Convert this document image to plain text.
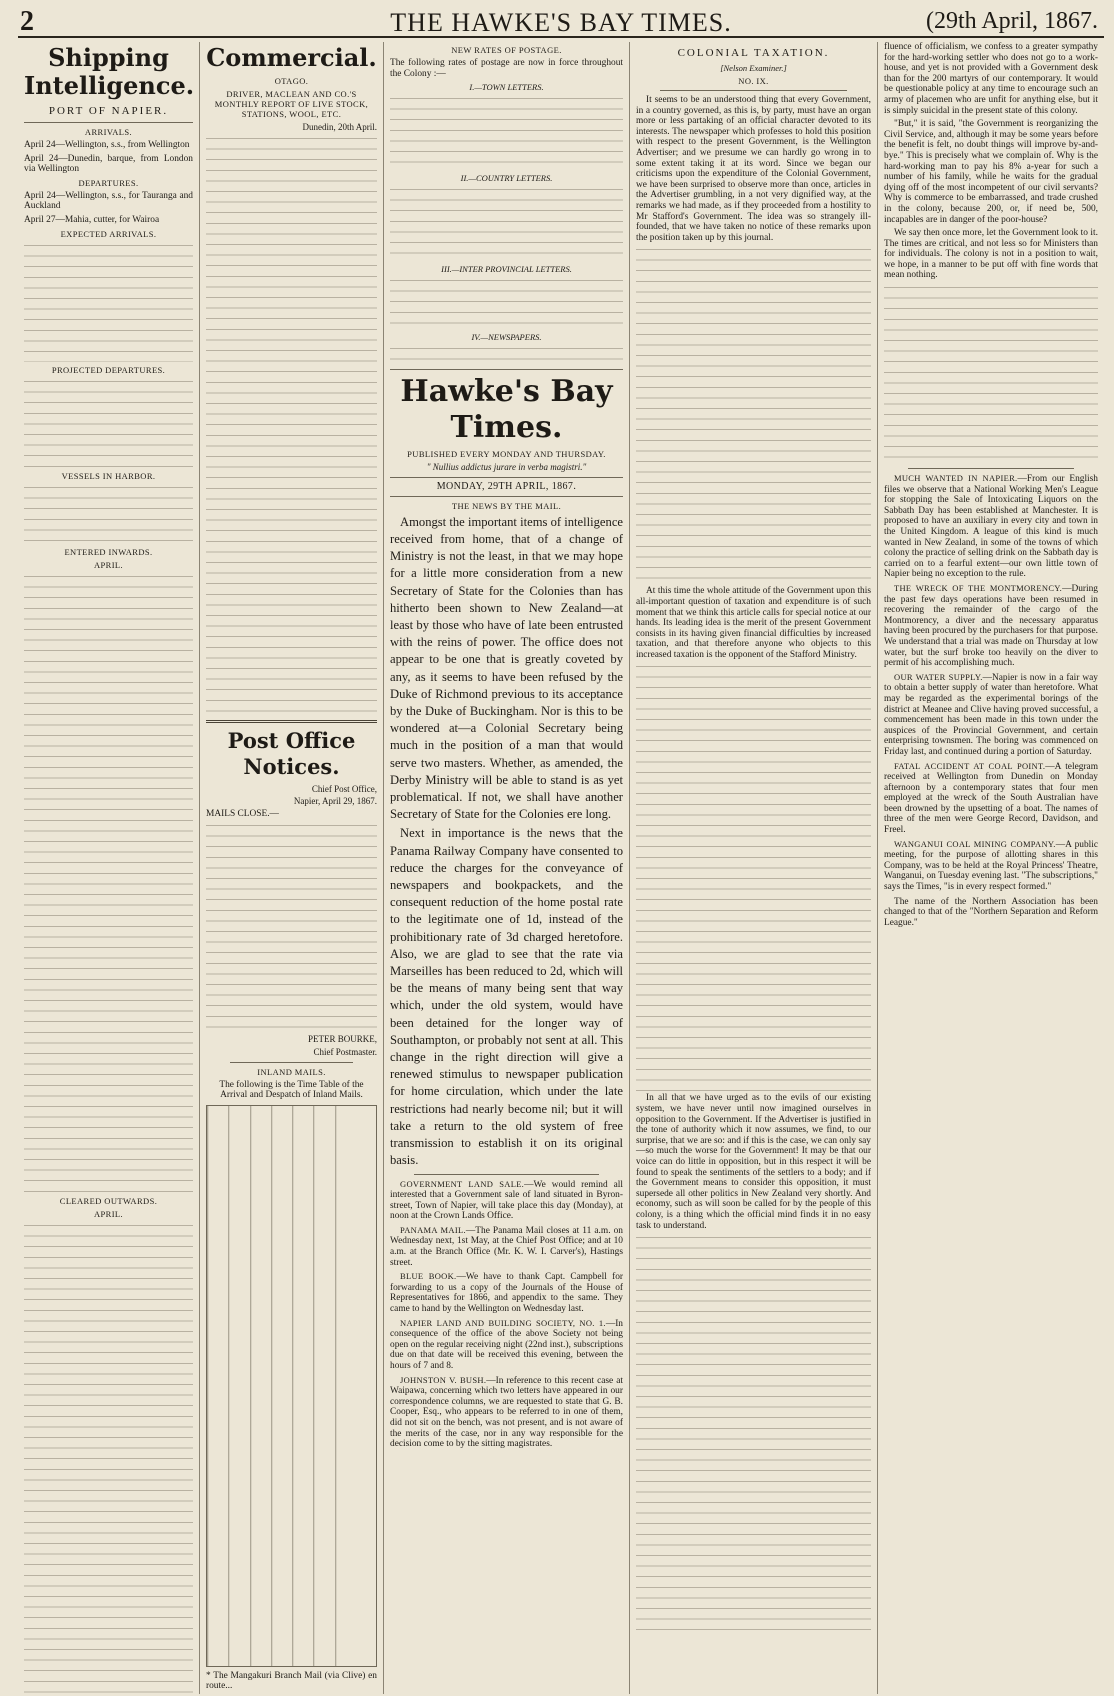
2	THE HAWKE'S BAY TIMES.	(29th April, 1867.
Shipping Intelligence.
PORT OF NAPIER.
ARRIVALS.

April 24—Wellington, s.s., from Wellington

April 24—Dunedin, barque, from London via Wellington

DEPARTURES.

April 24—Wellington, s.s., for Tauranga and Auckland

April 27—Mahia, cutter, for Wairoa

EXPECTED ARRIVALS.
PROJECTED DEPARTURES.
VESSELS IN HARBOR.
ENTERED INWARDS.
APRIL.
CLEARED OUTWARDS.
APRIL.
Commercial.
OTAGO.
DRIVER, MACLEAN AND CO.'S MONTHLY REPORT OF LIVE STOCK, STATIONS, WOOL, ETC.
Dunedin, 20th April.
Post Office Notices.
Chief Post Office,
Napier, April 29, 1867.

MAILS CLOSE.—

PETER BOURKE,
Chief Postmaster.
INLAND MAILS.

The following is the Time Table of the Arrival and Despatch of Inland Mails.

* The Mangakuri Branch Mail (via Clive) en route...

NEW RATES OF POSTAGE.

The following rates of postage are now in force throughout the Colony :—

I.—TOWN LETTERS.
II.—COUNTRY LETTERS.
III.—INTER PROVINCIAL LETTERS.
IV.—NEWSPAPERS.
Hawke's Bay Times.
PUBLISHED EVERY MONDAY AND THURSDAY.
" Nullius addictus jurare in verba magistri."
MONDAY, 29TH APRIL, 1867.
THE NEWS BY THE MAIL.

Amongst the important items of intelligence received from home, that of a change of Ministry is not the least, in that we may hope for a little more consideration from a new Secretary of State for the Colonies than has hitherto been shown to New Zealand—at least by those who have of late been entrusted with the reins of power. The office does not appear to be one that is greatly coveted by any, as it seems to have been refused by the Duke of Richmond previous to its acceptance by the Duke of Buckingham. Nor is this to be wondered at—a Colonial Secretary being much in the position of a man that would serve two masters. Whether, as amended, the Derby Ministry will be able to stand is as yet problematical. If not, we shall have another Secretary of State for the Colonies ere long.

Next in importance is the news that the Panama Railway Company have consented to reduce the charges for the conveyance of newspapers and bookpackets, and the consequent reduction of the home postal rate to the legitimate one of 1d, instead of the prohibitionary rate of 3d charged heretofore. Also, we are glad to see that the rate via Marseilles has been reduced to 2d, which will be the means of many being sent that way which, under the old system, would have been detained for the longer way of Southampton, or probably not sent at all. This change in the right direction will give a renewed stimulus to newspaper publication for home circulation, which under the late restrictions had nearly become nil; but it will take a return to the old system of free transmission to establish it on its original basis.

GOVERNMENT LAND SALE.—We would remind all interested that a Government sale of land situated in Byron-street, Town of Napier, will take place this day (Monday), at noon at the Crown Lands Office.

PANAMA MAIL.—The Panama Mail closes at 11 a.m. on Wednesday next, 1st May, at the Chief Post Office; and at 10 a.m. at the Branch Office (Mr. K. W. I. Carver's), Hastings street.

BLUE BOOK.—We have to thank Capt. Campbell for forwarding to us a copy of the Journals of the House of Representatives for 1866, and appendix to the same. They came to hand by the Wellington on Wednesday last.

NAPIER LAND AND BUILDING SOCIETY, NO. 1.—In consequence of the office of the above Society not being open on the regular receiving night (22nd inst.), subscriptions due on that date will be received this evening, between the hours of 7 and 8.

JOHNSTON V. BUSH.—In reference to this recent case at Waipawa, concerning which two letters have appeared in our correspondence columns, we are requested to state that G. B. Cooper, Esq., who appears to be referred to in one of them, did not sit on the bench, was not present, and is not aware of the merits of the case, nor in any way responsible for the decision come to by the sitting magistrates.

COLONIAL TAXATION.
[Nelson Examiner.]
NO. IX.

It seems to be an understood thing that every Government, in a country governed, as this is, by party, must have an organ more or less partaking of an official character devoted to its interests. The newspaper which professes to hold this position with respect to the present Government, is the Wellington Advertiser; and we presume we can hardly go wrong in to some extent taking it at its word. Since we began our criticisms upon the expenditure of the Colonial Government, we have been surprised to observe more than once, articles in the Advertiser grumbling, in a not very dignified way, at the remarks we had made, as if they proceeded from a hostility to Mr Stafford's Government. The idea was so strangely ill-founded, that we have taken no notice of these remarks upon the position taken up by this journal.

At this time the whole attitude of the Government upon this all-important question of taxation and expenditure is of such moment that we think this article calls for special notice at our hands. Its leading idea is the merit of the present Government consists in its having given financial difficulties by increased taxation, and that therefore anyone who objects to this increased taxation is the opponent of the Stafford Ministry.

In all that we have urged as to the evils of our existing system, we have never until now imagined ourselves in opposition to the Government. If the Advertiser is justified in the tone of authority which it now assumes, we find, to our surprise, that we are so: and if this is the case, we can only say—so much the worse for the Government! It may be that our voice can do little in opposition, but in this respect it will be found to speak the sentiments of the settlers to a body; and if the Government means to consider this opposition, it must supersede all other politics in New Zealand very shortly. And economy, such as will soon be called for by the people of this colony, is a thing which the official mind finds it in no easy task to understand.

fluence of officialism, we confess to a greater sympathy for the hard-working settler who does not go to a work-house, and yet is not provided with a Government desk than for the 200 martyrs of our contemporary. It would be questionable policy at any time to encourage such an army of placemen who are unfit for anything else, but it is simply suicidal in the present state of this colony.

"But," it is said, "the Government is reorganizing the Civil Service, and, although it may be some years before the benefit is felt, no doubt things will improve by-and-bye." This is precisely what we complain of. Why is the hard-working man to pay his 8% a-year for such a number of his family, while he waits for the gradual dying off of the most incompetent of our civil servants? Why is commerce to be embarrassed, and trade crushed in the colony, because 200, or, if need be, 500, incapables are in danger of the poor-house?

We say then once more, let the Government look to it. The times are critical, and not less so for Ministers than for individuals. The colony is not in a position to wait, we hope, in a manner to be put off with fine words that mean nothing.

MUCH WANTED IN NAPIER.—From our English files we observe that a National Working Men's League for stopping the Sale of Intoxicating Liquors on the Sabbath Day has been established at Manchester. It is proposed to have an auxiliary in every city and town in the United Kingdom. A league of this kind is much wanted in New Zealand, in some of the towns of which colony the practice of selling drink on the Sabbath day is carried on to a fearful extent—our own little town of Napier being no exception to the rule.

THE WRECK OF THE MONTMORENCY.—During the past few days operations have been resumed in recovering the remainder of the cargo of the Montmorency, a diver and the necessary apparatus having been procured by the purchasers for that purpose. We understand that a trial was made on Thursday at low water, but the surf broke too heavily on the diver to permit of his accomplishing much.

OUR WATER SUPPLY.—Napier is now in a fair way to obtain a better supply of water than heretofore. What may be regarded as the experimental borings of the district at Meanee and Clive having proved successful, a commencement has been made in this town under the auspices of the Provincial Government, and certain enterprising townsmen. The boring was commenced on Friday last, and continued during a portion of Saturday.

FATAL ACCIDENT AT COAL POINT.—A telegram received at Wellington from Dunedin on Monday afternoon by a contemporary states that four men employed at the wreck of the South Australian have been drowned by the upsetting of a boat. The names of three of the men were George Record, Davidson, and Freel.

WANGANUI COAL MINING COMPANY.—A public meeting, for the purpose of allotting shares in this Company, was to be held at the Royal Princess' Theatre, Wanganui, on Tuesday evening last. "The subscriptions," says the Times, "is in every respect formed."

The name of the Northern Association has been changed to that of the "Northern Separation and Reform League."
